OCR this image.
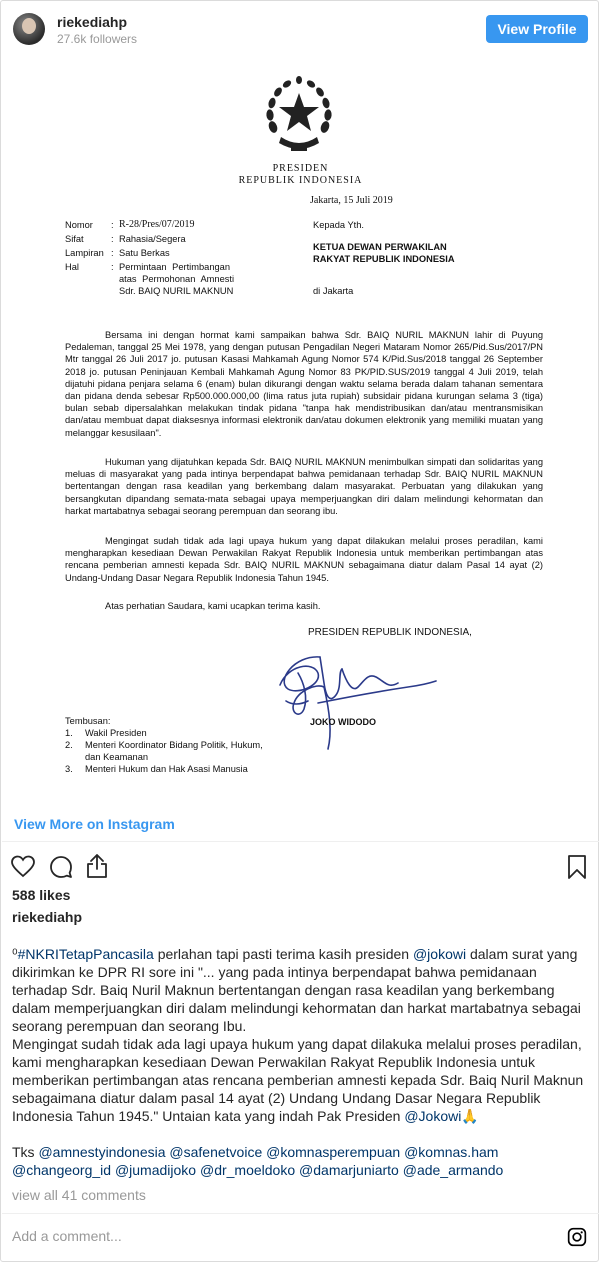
riekediahp
27.6k followers
View Profile
PRESIDEN
REPUBLIK INDONESIA
Jakarta, 15 Juli 2019
Nomor : R-28/Pres/07/2019
Sifat	: Rahasia/Segera
Lampiran : Satu Berkas
Hal	: Permintaan Pertimbangan
atas Permohonan Amnesti
Sdr. BAIQ NURIL MAKNUN
Kepada Yth.
KETUA DEWAN PERWAKILAN
RAKYAT REPUBLIK INDONESIA
di Jakarta
Bersama ini dengan hormat kami sampaikan bahwa Sdr. BAIQ NURIL MAKNUN lahir di Puyung Pedaleman, tanggal 25 Mei 1978, yang dengan putusan Pengadilan Negeri Mataram Nomor 265/Pid.Sus/2017/PN Mtr tanggal 26 Juli 2017 jo. putusan Kasasi Mahkamah Agung Nomor 574 K/Pid.Sus/2018 tanggal 26 September 2018 jo. putusan Peninjauan Kembali Mahkamah Agung Nomor 83 PK/PID.SUS/2019 tanggal 4 Juli 2019, telah dijatuhi pidana penjara selama 6 (enam) bulan dikurangi dengan waktu selama berada dalam tahanan sementara dan pidana denda sebesar Rp500.000.000,00 (lima ratus juta rupiah) subsidair pidana kurungan selama 3 (tiga) bulan sebab dipersalahkan melakukan tindak pidana "tanpa hak mendistribusikan dan/atau mentransmisikan dan/atau membuat dapat diaksesnya informasi elektronik dan/atau dokumen elektronik yang memiliki muatan yang melanggar kesusilaan".
Hukuman yang dijatuhkan kepada Sdr. BAIQ NURIL MAKNUN menimbulkan simpati dan solidaritas yang meluas di masyarakat yang pada intinya berpendapat bahwa pemidanaan terhadap Sdr. BAIQ NURIL MAKNUN bertentangan dengan rasa keadilan yang berkembang dalam masyarakat. Perbuatan yang dilakukan yang bersangkutan dipandang semata-mata sebagai upaya memperjuangkan diri dalam melindungi kehormatan dan harkat martabatnya sebagai seorang perempuan dan seorang ibu.
Mengingat sudah tidak ada lagi upaya hukum yang dapat dilakukan melalui proses peradilan, kami mengharapkan kesediaan Dewan Perwakilan Rakyat Republik Indonesia untuk memberikan pertimbangan atas rencana pemberian amnesti kepada Sdr. BAIQ NURIL MAKNUN sebagaimana diatur dalam Pasal 14 ayat (2) Undang-Undang Dasar Negara Republik Indonesia Tahun 1945.
Atas perhatian Saudara, kami ucapkan terima kasih.
PRESIDEN REPUBLIK INDONESIA,
JOKO WIDODO
Tembusan:
1. Wakil Presiden
2. Menteri Koordinator Bidang Politik, Hukum,
dan Keamanan
3. Menteri Hukum dan Hak Asasi Manusia
View More on Instagram
588 likes
riekediahp
⁰#NKRITetapPancasila perlahan tapi pasti terima kasih presiden @jokowi dalam surat yang dikirimkan ke DPR RI sore ini "... yang pada intinya berpendapat bahwa pemidanaan terhadap Sdr. Baiq Nuril Maknun bertentangan dengan rasa keadilan yang berkembang dalam memperjuangkan diri dalam melindungi kehormatan dan harkat martabatnya sebagai seorang perempuan dan seorang Ibu.
Mengingat sudah tidak ada lagi upaya hukum yang dapat dilakuka melalui proses peradilan, kami mengharapkan kesediaan Dewan Perwakilan Rakyat Republik Indonesia untuk memberikan pertimbangan atas rencana pemberian amnesti kepada Sdr. Baiq Nuril Maknun sebagaimana diatur dalam pasal 14 ayat (2) Undang Undang Dasar Negara Republik Indonesia Tahun 1945." Untaian kata yang indah Pak Presiden @Jokowi🙏

Tks @amnestyindonesia @safenetvoice @komnasperempuan @komnas.ham
@changeorg_id @jumadijoko @dr_moeldoko @damarjuniarto @ade_armando
view all 41 comments
Add a comment...
